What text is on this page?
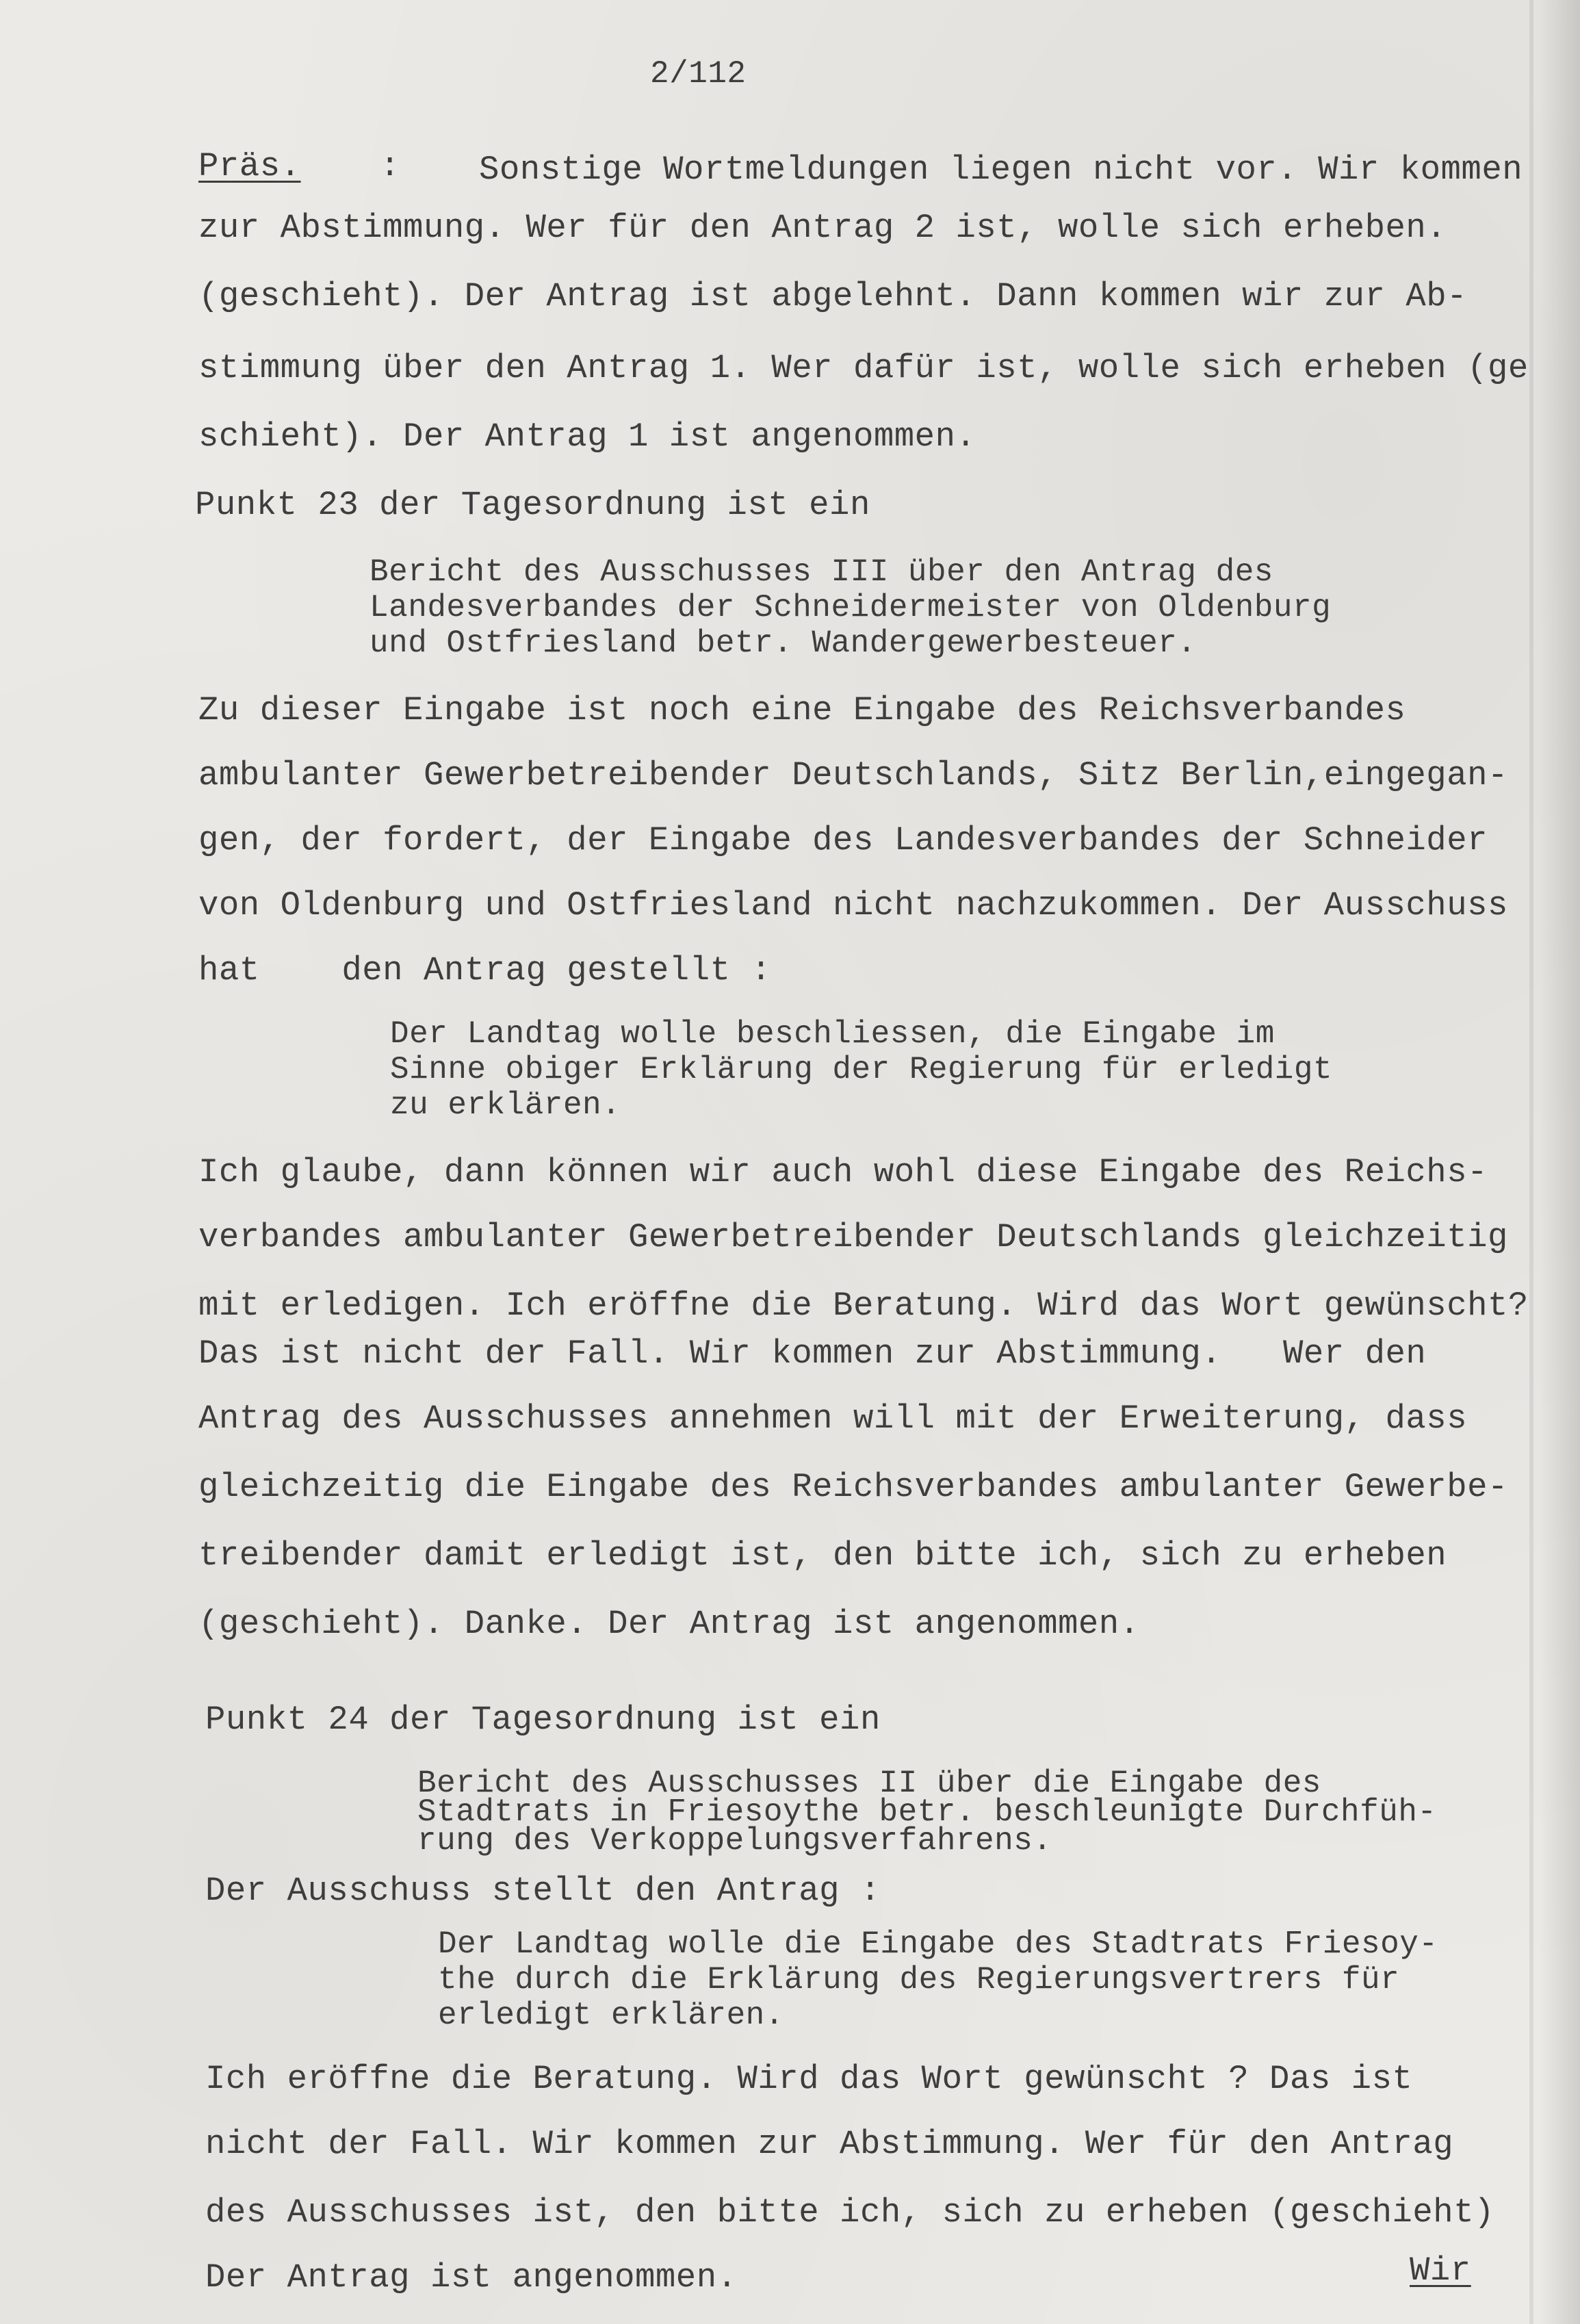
2/112
Präs. : Sonstige Wortmeldungen liegen nicht vor. Wir kommen
zur Abstimmung. Wer für den Antrag 2 ist, wolle sich erheben.
(geschieht). Der Antrag ist abgelehnt. Dann kommen wir zur Ab-
stimmung über den Antrag 1. Wer dafür ist, wolle sich erheben (ge
schieht). Der Antrag 1 ist angenommen.
Punkt 23 der Tagesordnung ist ein
Bericht des Ausschusses III über den Antrag des
Landesverbandes der Schneidermeister von Oldenburg
und Ostfriesland betr. Wandergewerbesteuer.
Zu dieser Eingabe ist noch eine Eingabe des Reichsverbandes
ambulanter Gewerbetreibender Deutschlands, Sitz Berlin,eingegan-
gen, der fordert, der Eingabe des Landesverbandes der Schneider
von Oldenburg und Ostfriesland nicht nachzukommen. Der Ausschuss
hat    den Antrag gestellt :
Der Landtag wolle beschliessen, die Eingabe im
Sinne obiger Erklärung der Regierung für erledigt
zu erklären.
Ich glaube, dann können wir auch wohl diese Eingabe des Reichs-
verbandes ambulanter Gewerbetreibender Deutschlands gleichzeitig
mit erledigen. Ich eröffne die Beratung. Wird das Wort gewünscht?
Das ist nicht der Fall. Wir kommen zur Abstimmung.   Wer den
Antrag des Ausschusses annehmen will mit der Erweiterung, dass
gleichzeitig die Eingabe des Reichsverbandes ambulanter Gewerbe-
treibender damit erledigt ist, den bitte ich, sich zu erheben
(geschieht). Danke. Der Antrag ist angenommen.
Punkt 24 der Tagesordnung ist ein
Bericht des Ausschusses II über die Eingabe des
Stadtrats in Friesoythe betr. beschleunigte Durchfüh-
rung des Verkoppelungsverfahrens.
Der Ausschuss stellt den Antrag :
Der Landtag wolle die Eingabe des Stadtrats Friesoy-
the durch die Erklärung des Regierungsvertrers für
erledigt erklären.
Ich eröffne die Beratung. Wird das Wort gewünscht ? Das ist
nicht der Fall. Wir kommen zur Abstimmung. Wer für den Antrag
des Ausschusses ist, den bitte ich, sich zu erheben (geschieht)
Der Antrag ist angenommen.	Wir
